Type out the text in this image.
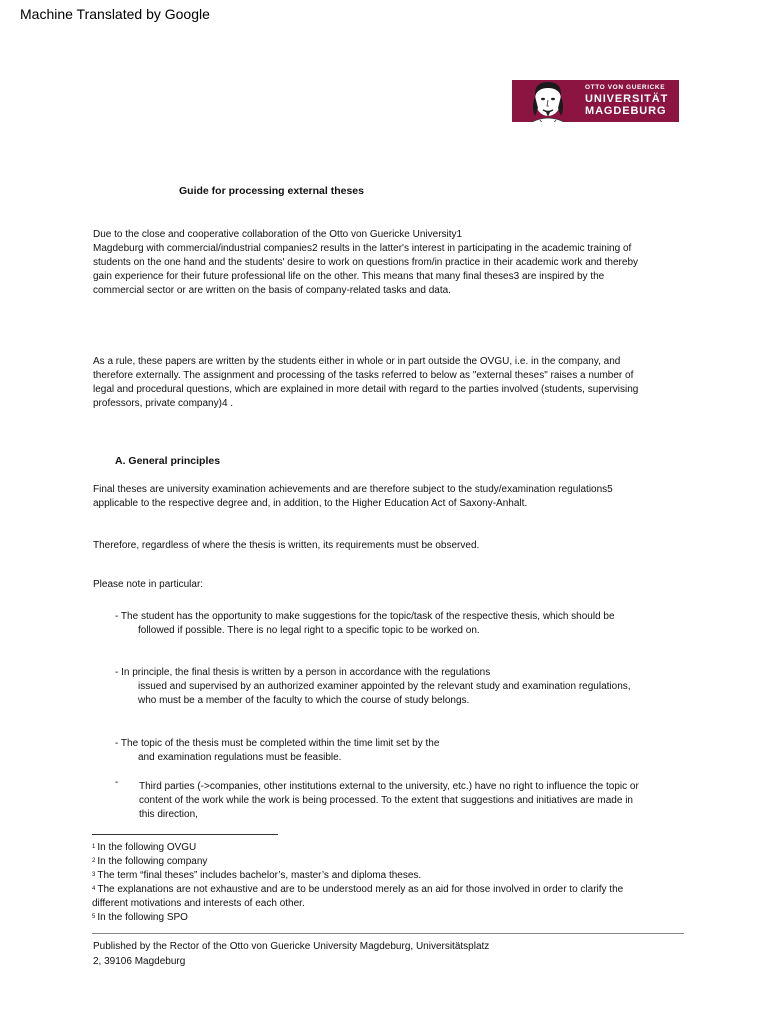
Machine Translated by Google
OTTO VON GUERICKE
UNIVERSITÄT
MAGDEBURG
Guide for processing external theses
Due to the close and cooperative collaboration of the Otto von Guericke University1
Magdeburg with commercial/industrial companies2 results in the latter's interest in participating in the academic training of
students on the one hand and the students' desire to work on questions from/in practice in their academic work and thereby
gain experience for their future professional life on the other. This means that many final theses3 are inspired by the
commercial sector or are written on the basis of company-related tasks and data.
As a rule, these papers are written by the students either in whole or in part outside the OVGU, i.e. in the company, and
therefore externally. The assignment and processing of the tasks referred to below as "external theses" raises a number of
legal and procedural questions, which are explained in more detail with regard to the parties involved (students, supervising
professors, private company)4 .
A. General principles
Final theses are university examination achievements and are therefore subject to the study/examination regulations5
applicable to the respective degree and, in addition, to the Higher Education Act of Saxony-Anhalt.
Therefore, regardless of where the thesis is written, its requirements must be observed.
Please note in particular:
- The student has the opportunity to make suggestions for the topic/task of the respective thesis, which should be
followed if possible. There is no legal right to a specific topic to be worked on.
- In principle, the final thesis is written by a person in accordance with the regulations
issued and supervised by an authorized examiner appointed by the relevant study and examination regulations,
who must be a member of the faculty to which the course of study belongs.
- The topic of the thesis must be completed within the time limit set by the
and examination regulations must be feasible.
- Third parties (->companies, other institutions external to the university, etc.) have no right to influence the topic or
content of the work while the work is being processed. To the extent that suggestions and initiatives are made in
this direction,
$^1$ In the following OVGU
$^2$ In the following company
$^3$ The term “final theses” includes bachelor’s, master’s and diploma theses.
$^4$ The explanations are not exhaustive and are to be understood merely as an aid for those involved in order to clarify the
different motivations and interests of each other.
$^5$ In the following SPO
Published by the Rector of the Otto von Guericke University Magdeburg, Universitätsplatz
2, 39106 Magdeburg
